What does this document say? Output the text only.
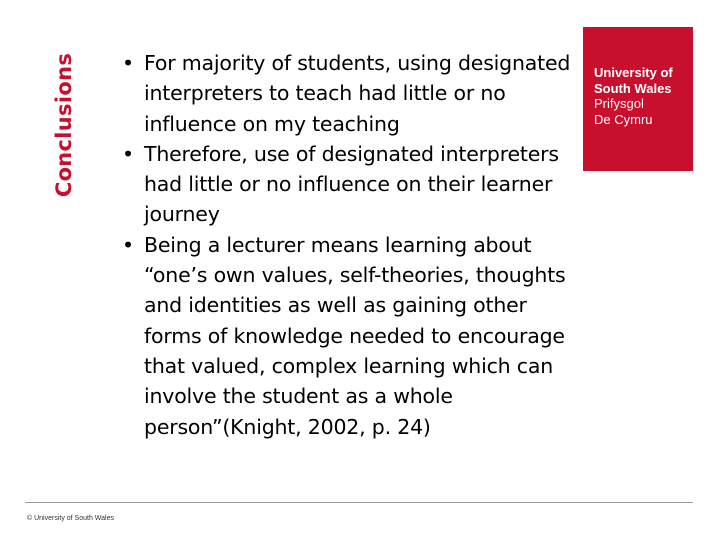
Conclusions • For majority of students, using designated interpreters to teach had little or no influence on my teaching
• Therefore, use of designated interpreters had little or no influence on their learner journey
• Being a lecturer means learning about “one’s own values, self-theories, thoughts and identities as well as gaining other forms of knowledge needed to encourage that valued, complex learning which can involve the student as a whole person”(Knight, 2002, p. 24)
University of
South Wales
Prifysgol
De Cymru
© University of South Wales
